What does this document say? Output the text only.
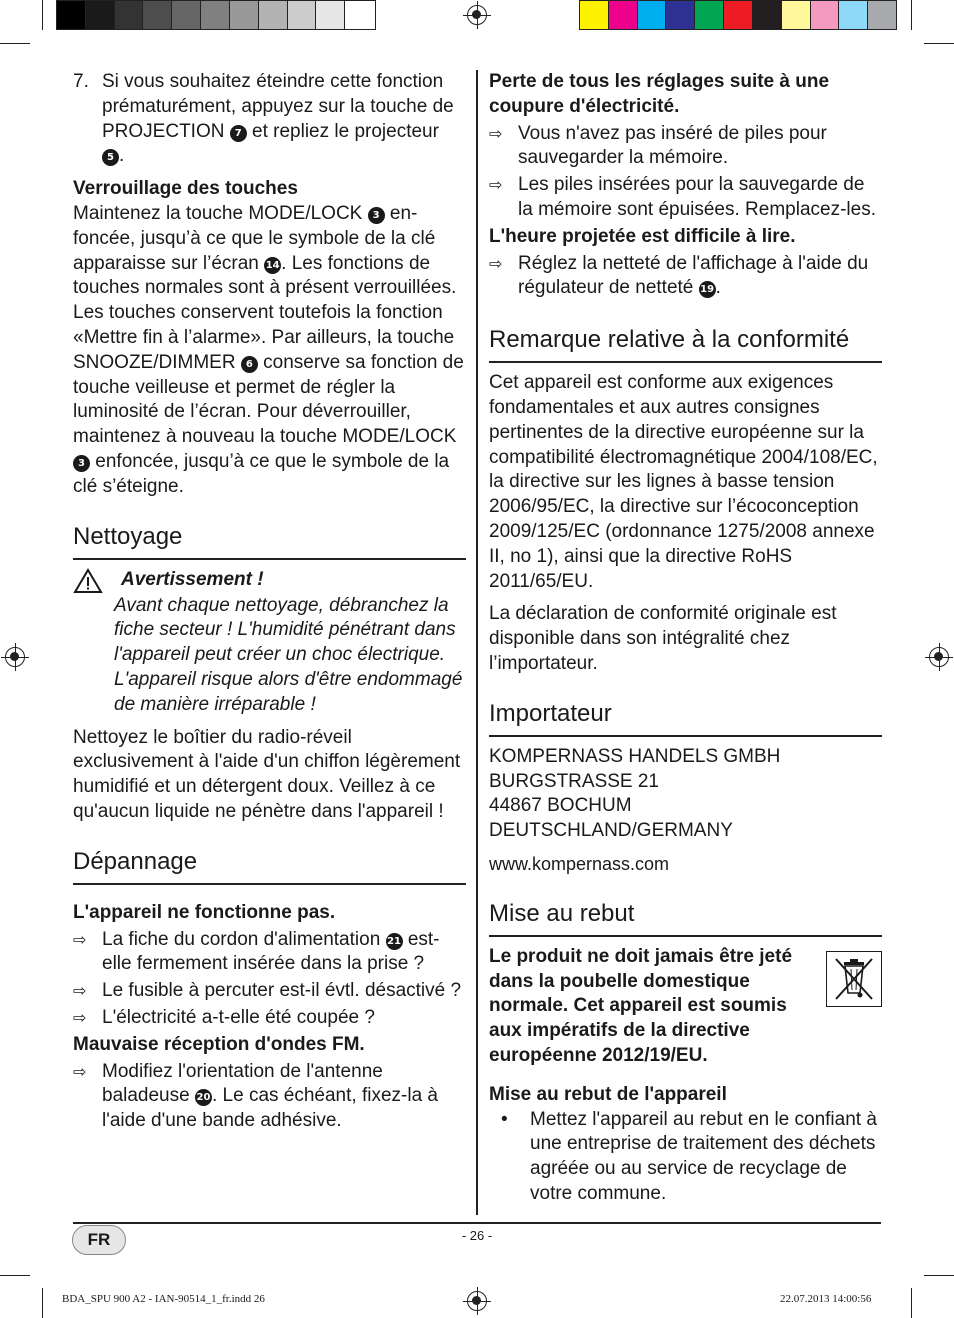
7. Si vous souhaitez éteindre cette fonction prématurément, appuyez sur la touche de PROJECTION 7 et repliez le projecteur
5 .

Verrouillage des touches

Maintenez la touche MODE/LOCK 3 en-foncée, jusqu’à ce que le symbole de la clé apparaisse sur l’écran 14. Les fonctions de touches normales sont à présent verrouillées. Les touches conservent toutefois la fonction «Mettre fin à l’alarme». Par ailleurs, la touche SNOOZE/DIMMER 6 conserve sa fonction de touche veilleuse et permet de régler la luminosité de l’écran. Pour déverrouiller, maintenez à nouveau la touche MODE/LOCK 3 enfoncée, jusqu’à ce que le symbole de la clé s’éteigne.

Nettoyage
Avertissement !

Avant chaque nettoyage, débranchez la fiche secteur ! L'humidité pénétrant dans l'appareil peut créer un choc électrique. L'appareil risque alors d'être endommagé de manière irréparable !

Nettoyez le boîtier du radio-réveil exclusivement à l'aide d'un chiffon légèrement humidifié et un détergent doux. Veillez à ce qu'aucun liquide ne pénètre dans l'appareil !

Dépannage

L'appareil ne fonctionne pas.

⇨ La fiche du cordon d'alimentation 21 est-elle fermement insérée dans la prise ?

⇨ Le fusible à percuter est-il évtl. désactivé ?

⇨ L'électricité a-t-elle été coupée ?

Mauvaise réception d'ondes FM.

⇨ Modifiez l'orientation de l'antenne baladeuse 20. Le cas échéant, fixez-la à l'aide d'une bande adhésive.

Perte de tous les réglages suite à une coupure d'électricité.

⇨ Vous n'avez pas inséré de piles pour sauvegarder la mémoire.

⇨ Les piles insérées pour la sauvegarde de la mémoire sont épuisées. Remplacez-les.

L'heure projetée est difficile à lire.

⇨ Réglez la netteté de l'affichage à l'aide du régulateur de netteté 19.

Remarque relative à la conformité

Cet appareil est conforme aux exigences fondamentales et aux autres consignes pertinentes de la directive européenne sur la compatibilité électromagnétique 2004/108/EC, la directive sur les lignes à basse tension 2006/95/EC, la directive sur l’écoconception 2009/125/EC (ordonnance 1275/2008 annexe II, no 1), ainsi que la directive RoHS 2011/65/EU.

La déclaration de conformité originale est disponible dans son intégralité chez l’importateur.

Importateur

KOMPERNASS HANDELS GMBH

BURGSTRASSE 21

44867 BOCHUM

DEUTSCHLAND/GERMANY

www.kompernass.com

Mise au rebut

Le produit ne doit jamais être jeté dans la poubelle domestique normale. Cet appareil est soumis aux impératifs de la directive européenne 2012/19/EU.

Mise au rebut de l'appareil

•	Mettez l'appareil au rebut en le confiant à une entreprise de traitement des déchets agréée ou au service de recyclage de votre commune.

FR	- 26 -
BDA_SPU 900 A2 - IAN-90514_1_fr.indd 26	22.07.2013 14:00:56
